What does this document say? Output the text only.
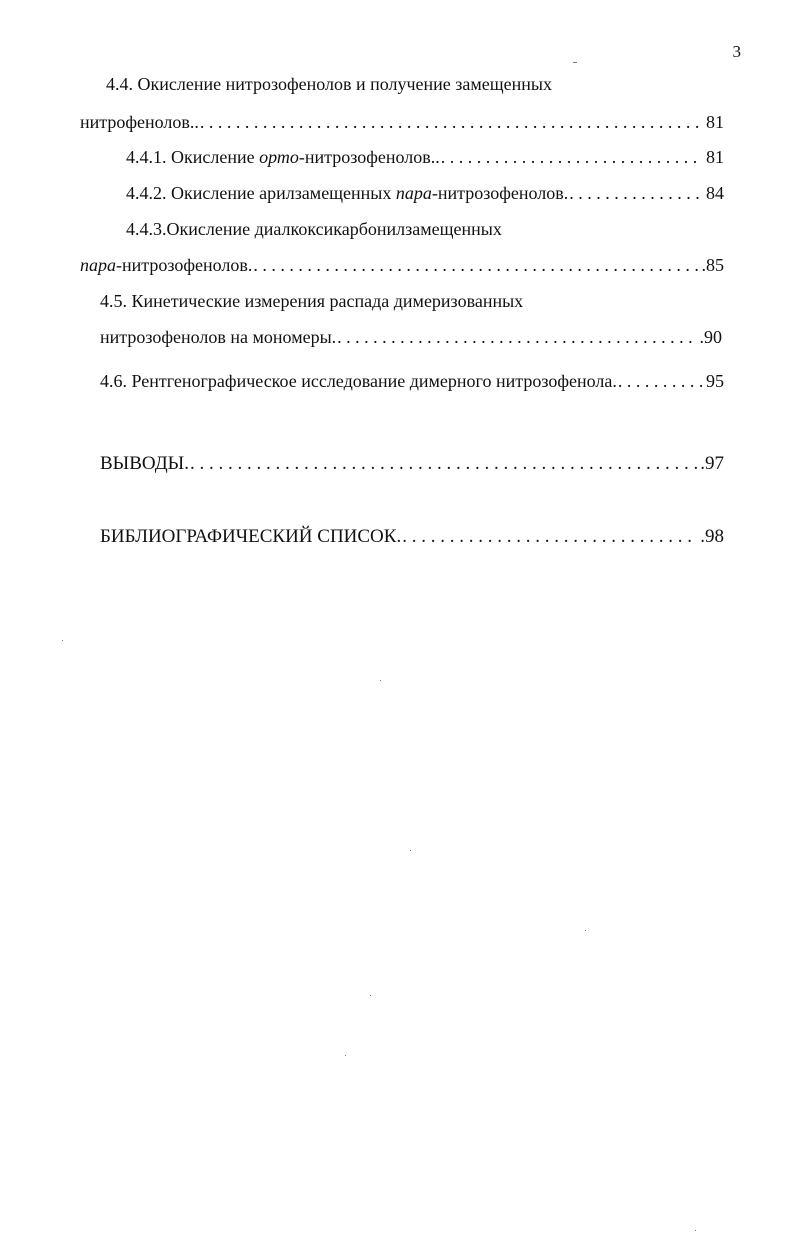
3
4.4. Окисление нитрозофенолов и получение замещенных
нитрофенолов.. . . .	81
4.4.1. Окисление орто-нитрозофенолов.. . . .	81
4.4.2. Окисление арилзамещенных пара-нитрозофенолов. . . .	84
4.4.3.Окисление диалкоксикарбонилзамещенных
пара-нитрозофенолов. . . .	.85
4.5. Кинетические измерения распада димеризованных
нитрозофенолов на мономеры. . . .	.90
4.6. Рентгенографическое исследование димерного нитрозофенола. . . .	95
ВЫВОДЫ. . . .	.97
БИБЛИОГРАФИЧЕСКИЙ СПИСОК. . . .	.98
